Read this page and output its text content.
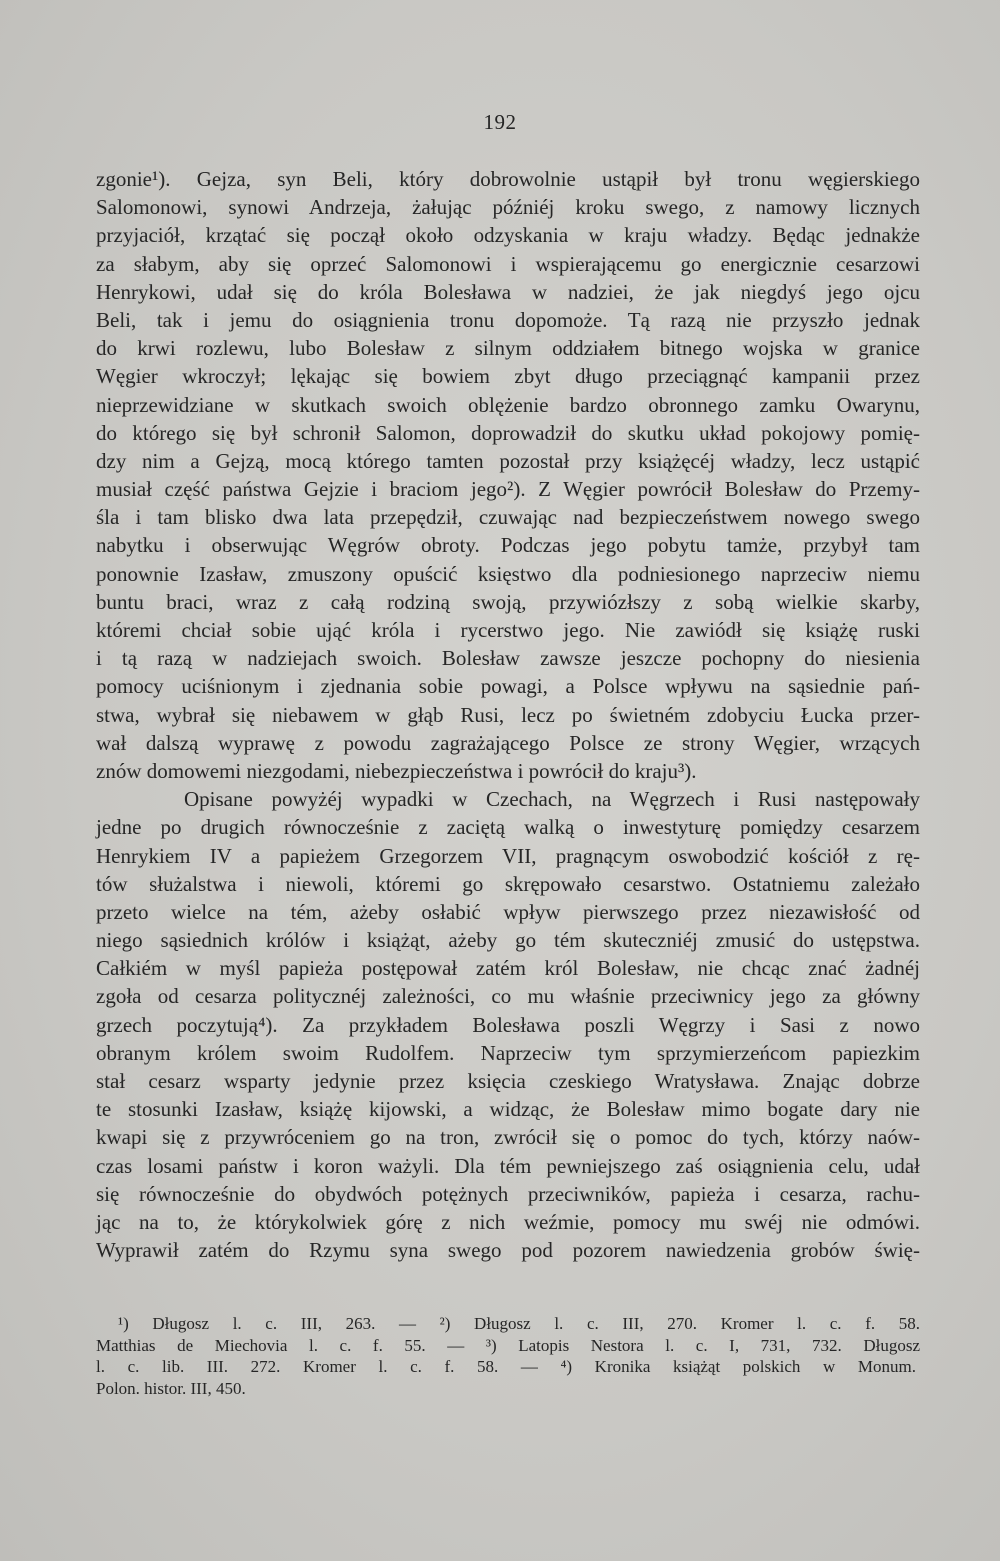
192
zgonie¹). Gejza, syn Beli, który dobrowolnie ustąpił był tronu węgierskiego
Salomonowi, synowi Andrzeja, żałując późniéj kroku swego, z namowy licznych
przyjaciół, krzątać się począł około odzyskania w kraju władzy. Będąc jednakże
za słabym, aby się oprzeć Salomonowi i wspierającemu go energicznie cesarzowi
Henrykowi, udał się do króla Bolesława w nadziei, że jak niegdyś jego ojcu
Beli, tak i jemu do osiągnienia tronu dopomoże. Tą razą nie przyszło jednak
do krwi rozlewu, lubo Bolesław z silnym oddziałem bitnego wojska w granice
Węgier wkroczył; lękając się bowiem zbyt długo przeciągnąć kampanii przez
nieprzewidziane w skutkach swoich oblężenie bardzo obronnego zamku Owarynu,
do którego się był schronił Salomon, doprowadził do skutku układ pokojowy pomię-
dzy nim a Gejzą, mocą którego tamten pozostał przy książęcéj władzy, lecz ustąpić
musiał część państwa Gejzie i braciom jego²). Z Węgier powrócił Bolesław do Przemy-
śla i tam blisko dwa lata przepędził, czuwając nad bezpieczeństwem nowego swego
nabytku i obserwując Węgrów obroty. Podczas jego pobytu tamże, przybył tam
ponownie Izasław, zmuszony opuścić księstwo dla podniesionego naprzeciw niemu
buntu braci, wraz z całą rodziną swoją, przywiózłszy z sobą wielkie skarby,
któremi chciał sobie ująć króla i rycerstwo jego. Nie zawiódł się książę ruski
i tą razą w nadziejach swoich. Bolesław zawsze jeszcze pochopny do niesienia
pomocy uciśnionym i zjednania sobie powagi, a Polsce wpływu na sąsiednie pań-
stwa, wybrał się niebawem w głąb Rusi, lecz po świetném zdobyciu Łucka przer-
wał dalszą wyprawę z powodu zagrażającego Polsce ze strony Węgier, wrzących
znów domowemi niezgodami, niebezpieczeństwa i powrócił do kraju³).
Opisane powyżéj wypadki w Czechach, na Węgrzech i Rusi następowały
jedne po drugich równocześnie z zaciętą walką o inwestyturę pomiędzy cesarzem
Henrykiem IV a papieżem Grzegorzem VII, pragnącym oswobodzić kościół z rę-
tów służalstwa i niewoli, któremi go skrępowało cesarstwo. Ostatniemu zależało
przeto wielce na tém, ażeby osłabić wpływ pierwszego przez niezawisłość od
niego sąsiednich królów i książąt, ażeby go tém skuteczniéj zmusić do ustępstwa.
Całkiém w myśl papieża postępował zatém król Bolesław, nie chcąc znać żadnéj
zgoła od cesarza politycznéj zależności, co mu właśnie przeciwnicy jego za główny
grzech poczytują⁴). Za przykładem Bolesława poszli Węgrzy i Sasi z nowo
obranym królem swoim Rudolfem. Naprzeciw tym sprzymierzeńcom papiezkim
stał cesarz wsparty jedynie przez księcia czeskiego Wratysława. Znając dobrze
te stosunki Izasław, książę kijowski, a widząc, że Bolesław mimo bogate dary nie
kwapi się z przywróceniem go na tron, zwrócił się o pomoc do tych, którzy naów-
czas losami państw i koron ważyli. Dla tém pewniejszego zaś osiągnienia celu, udał
się równocześnie do obydwóch potężnych przeciwników, papieża i cesarza, rachu-
jąc na to, że którykolwiek górę z nich weźmie, pomocy mu swéj nie odmówi.
Wyprawił zatém do Rzymu syna swego pod pozorem nawiedzenia grobów świę-
¹) Długosz l. c. III, 263. — ²) Długosz l. c. III, 270. Kromer l. c. f. 58.
Matthias de Miechovia l. c. f. 55. — ³) Latopis Nestora l. c. I, 731, 732. Długosz
l. c. lib. III. 272. Kromer l. c. f. 58. — ⁴) Kronika książąt polskich w Monum.
Polon. histor. III, 450.
